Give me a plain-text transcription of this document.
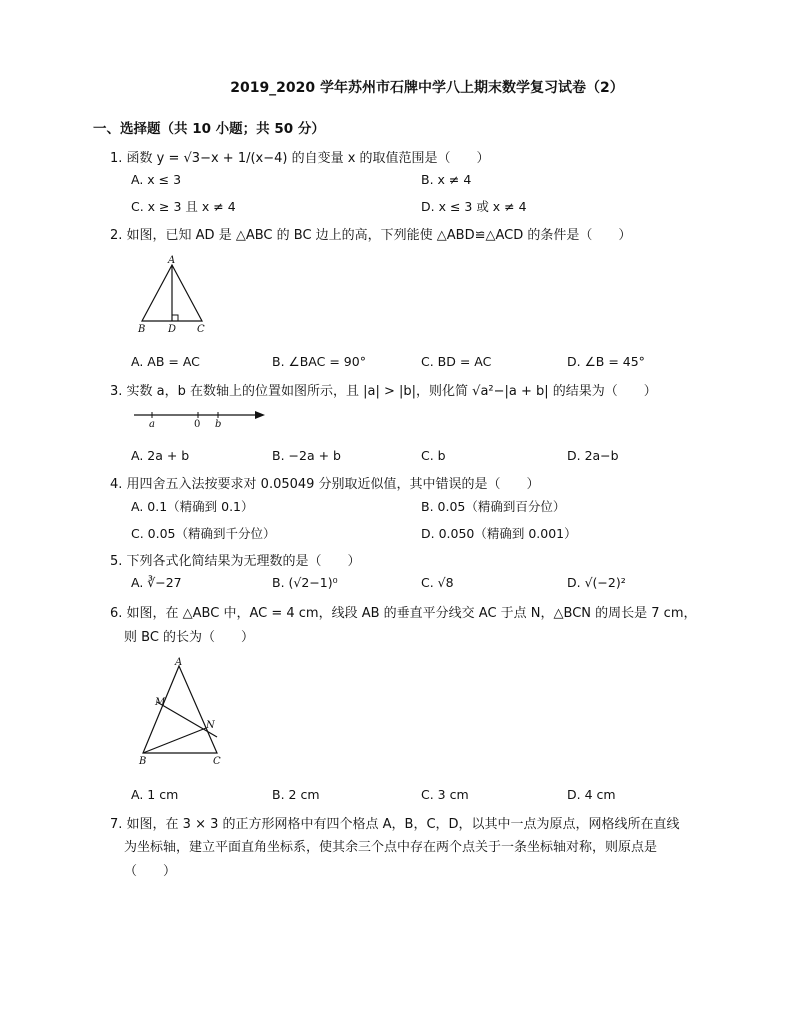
2019_2020 学年苏州市石牌中学八上期末数学复习试卷（2）
一、选择题（共 10 小题；共 50 分）
1. 函数 y = √3−x + 1/(x−4) 的自变量 x 的取值范围是（　　）
A. x ≤ 3	B. x ≠ 4
C. x ≥ 3 且 x ≠ 4	D. x ≤ 3 或 x ≠ 4
2. 如图，已知 AD 是 △ABC 的 BC 边上的高，下列能使 △ABD≌△ACD 的条件是（　　）
A
B D C
A. AB = AC	B. ∠BAC = 90°	C. BD = AC	D. ∠B = 45°
3. 实数 a，b 在数轴上的位置如图所示，且 |a| > |b|，则化简 √a²−|a + b| 的结果为（　　）
a	0 b
A. 2a + b	B. −2a + b	C. b	D. 2a−b
4. 用四舍五入法按要求对 0.05049 分别取近似值，其中错误的是（　　）
A. 0.1（精确到 0.1）	B. 0.05（精确到百分位）
C. 0.05（精确到千分位）	D. 0.050（精确到 0.001）
5. 下列各式化简结果为无理数的是（　　）
A. ∛−27	B. (√2−1)⁰	C. √8	D. √(−2)²
6. 如图，在 △ABC 中，AC = 4 cm，线段 AB 的垂直平分线交 AC 于点 N，△BCN 的周长是 7 cm，
则 BC 的长为（　　）
A
M
N
B	C
A. 1 cm	B. 2 cm	C. 3 cm	D. 4 cm
7. 如图，在 3 × 3 的正方形网格中有四个格点 A，B，C，D，以其中一点为原点，网格线所在直线
为坐标轴，建立平面直角坐标系，使其余三个点中存在两个点关于一条坐标轴对称，则原点是
（　　）
